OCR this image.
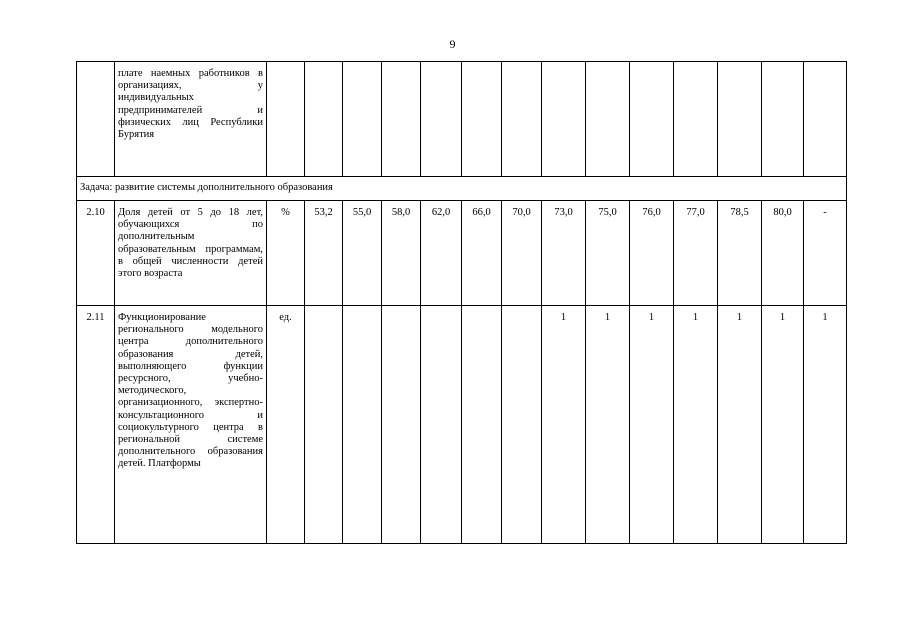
9
	плате наемных работников в организациях, у индивидуальных предпринимателей и физических лиц Республики Бурятия														
Задача: развитие системы дополнительного образования															
2.10	Доля детей от 5 до 18 лет, обучающихся по дополнительным образовательным программам, в общей численности детей этого возраста	%	53,2	55,0	58,0	62,0	66,0	70,0	73,0	75,0	76,0	77,0	78,5	80,0	-
2.11	Функционирование регионального модельного центра дополнительного образования детей, выполняющего функции ресурсного, учебно-методического, организационного, экспертно-консультационного и социокультурного центра в региональной системе дополнительного образования детей. Платформы	ед.							1	1	1	1	1	1	1
